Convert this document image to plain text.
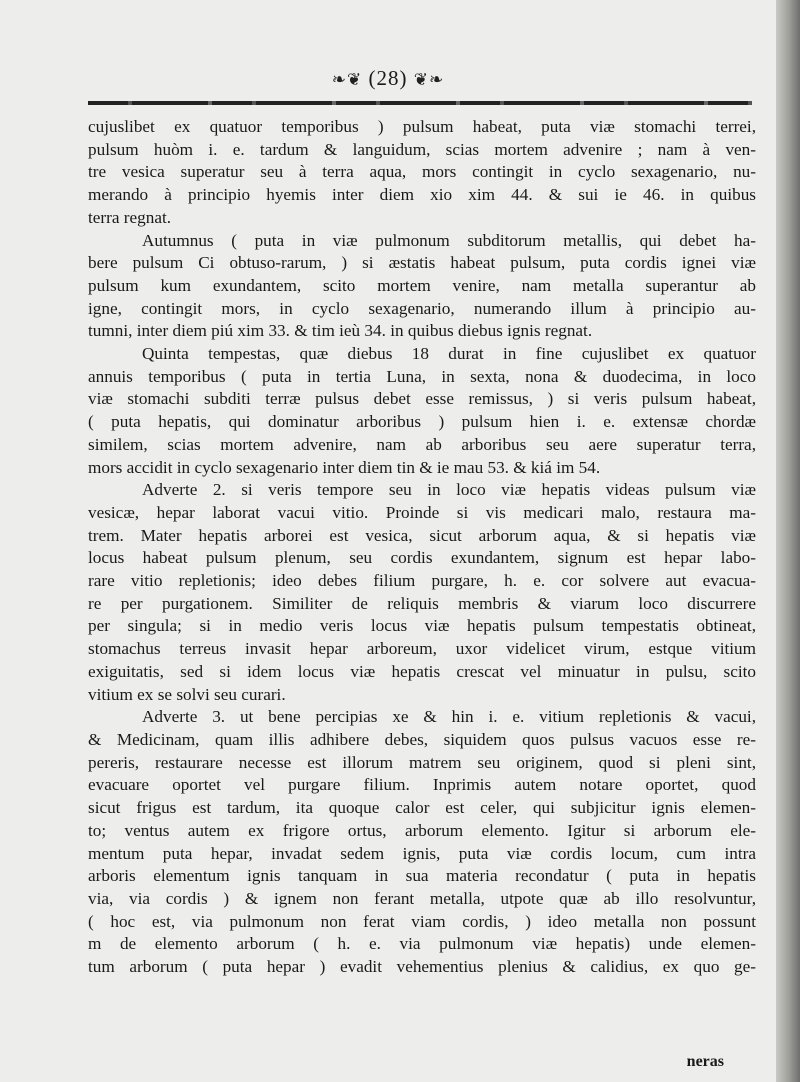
❧❦ (28) ❦❧
cujuslibet ex quatuor temporibus ) pulsum habeat, puta viæ stomachi terrei,
pulsum huòm i. e. tardum & languidum, scias mortem advenire ; nam à ven-
tre vesica superatur seu à terra aqua, mors contingit in cyclo sexagenario, nu-
merando à principio hyemis inter diem xio xim 44. & sui ie 46. in quibus
terra regnat.
Autumnus ( puta in viæ pulmonum subditorum metallis, qui debet ha-
bere pulsum Ci obtuso-rarum, ) si æstatis habeat pulsum, puta cordis ignei viæ
pulsum kum exundantem, scito mortem venire, nam metalla superantur ab
igne, contingit mors, in cyclo sexagenario, numerando illum à principio au-
tumni, inter diem piú xim 33. & tim ieù 34. in quibus diebus ignis regnat.
Quinta tempestas, quæ diebus 18 durat in fine cujuslibet ex quatuor
annuis temporibus ( puta in tertia Luna, in sexta, nona & duodecima, in loco
viæ stomachi subditi terræ pulsus debet esse remissus, ) si veris pulsum habeat,
( puta hepatis, qui dominatur arboribus ) pulsum hien i. e. extensæ chordæ
similem, scias mortem advenire, nam ab arboribus seu aere superatur terra,
mors accidit in cyclo sexagenario inter diem tin & ie mau 53. & kiá im 54.
Adverte 2. si veris tempore seu in loco viæ hepatis videas pulsum viæ
vesicæ, hepar laborat vacui vitio. Proinde si vis medicari malo, restaura ma-
trem. Mater hepatis arborei est vesica, sicut arborum aqua, & si hepatis viæ
locus habeat pulsum plenum, seu cordis exundantem, signum est hepar labo-
rare vitio repletionis; ideo debes filium purgare, h. e. cor solvere aut evacua-
re per purgationem. Similiter de reliquis membris & viarum loco discurrere
per singula; si in medio veris locus viæ hepatis pulsum tempestatis obtineat,
stomachus terreus invasit hepar arboreum, uxor videlicet virum, estque vitium
exiguitatis, sed si idem locus viæ hepatis crescat vel minuatur in pulsu, scito
vitium ex se solvi seu curari.
Adverte 3. ut bene percipias xe & hin i. e. vitium repletionis & vacui,
& Medicinam, quam illis adhibere debes, siquidem quos pulsus vacuos esse re-
pereris, restaurare necesse est illorum matrem seu originem, quod si pleni sint,
evacuare oportet vel purgare filium. Inprimis autem notare oportet, quod
sicut frigus est tardum, ita quoque calor est celer, qui subjicitur ignis elemen-
to; ventus autem ex frigore ortus, arborum elemento. Igitur si arborum ele-
mentum puta hepar, invadat sedem ignis, puta viæ cordis locum, cum intra
arboris elementum ignis tanquam in sua materia recondatur ( puta in hepatis
via, via cordis ) & ignem non ferant metalla, utpote quæ ab illo resolvuntur,
( hoc est, via pulmonum non ferat viam cordis, ) ideo metalla non possunt
m de elemento arborum ( h. e. via pulmonum viæ hepatis) unde elemen-
tum arborum ( puta hepar ) evadit vehementius plenius & calidius, ex quo ge-
neras
